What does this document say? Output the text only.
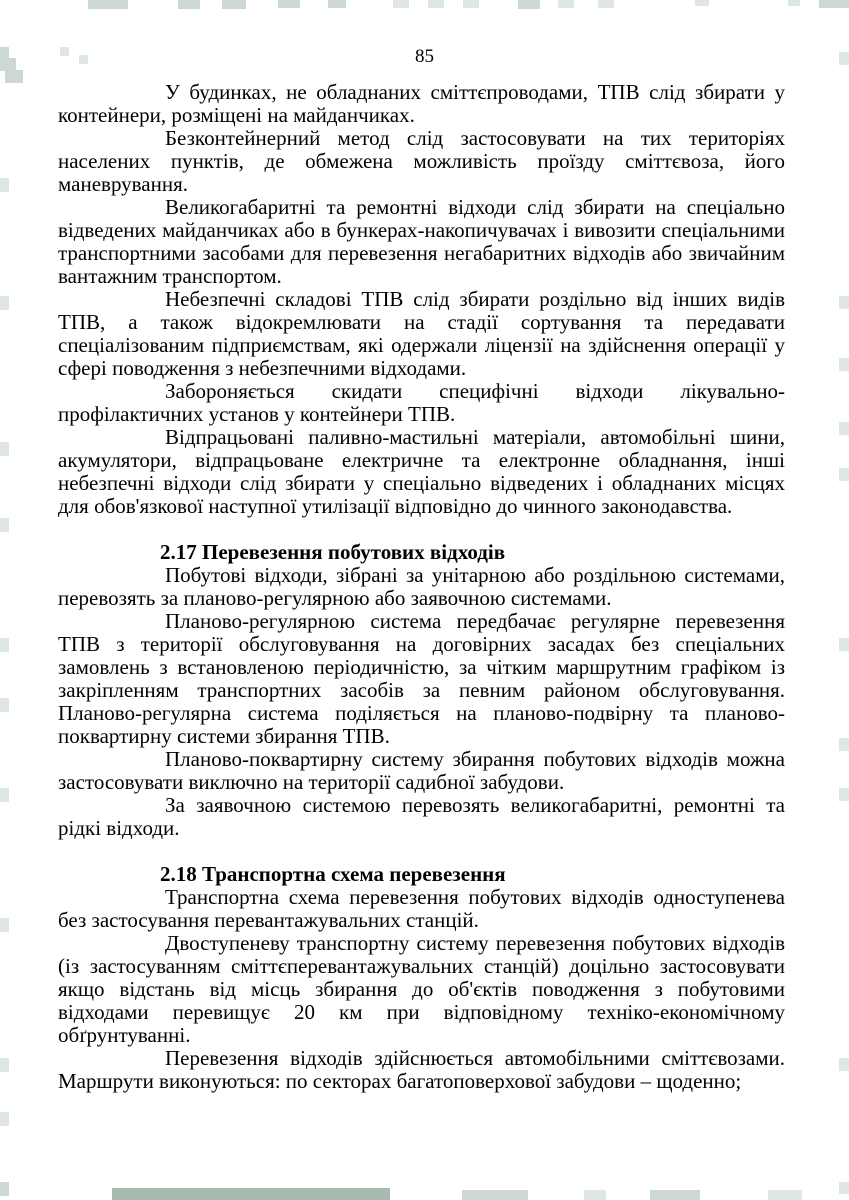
85

У будинках, не обладнаних сміттєпроводами, ТПВ слід збирати у контейнери, розміщені на майданчиках.

Безконтейнерний метод слід застосовувати на тих територіях населених пунктів, де обмежена можливість проїзду сміттєвоза, його маневрування.

Великогабаритні та ремонтні відходи слід збирати на спеціально відведених майданчиках або в бункерах-накопичувачах і вивозити спеціальними транспортними засобами для перевезення негабаритних відходів або звичайним вантажним транспортом.

Небезпечні складові ТПВ слід збирати роздільно від інших видів ТПВ, а також відокремлювати на стадії сортування та передавати спеціалізованим підприємствам, які одержали ліцензії на здійснення операції у сфері поводження з небезпечними відходами.

Забороняється скидати специфічні відходи лікувально-профілактичних установ у контейнери ТПВ.

Відпрацьовані паливно-мастильні матеріали, автомобільні шини, акумулятори, відпрацьоване електричне та електронне обладнання, інші небезпечні відходи слід збирати у спеціально відведених і обладнаних місцях для обов'язкової наступної утилізації відповідно до чинного законодавства.

2.17 Перевезення побутових відходів

Побутові відходи, зібрані за унітарною або роздільною системами, перевозять за планово-регулярною або заявочною системами.

Планово-регулярною система передбачає регулярне перевезення ТПВ з території обслуговування на договірних засадах без спеціальних замовлень з встановленою періодичністю, за чітким маршрутним графіком із закріпленням транспортних засобів за певним районом обслуговування. Планово-регулярна система поділяється на планово-подвірну та планово-поквартирну системи збирання ТПВ.

Планово-поквартирну систему збирання побутових відходів можна застосовувати виключно на території садибної забудови.

За заявочною системою перевозять великогабаритні, ремонтні та рідкі відходи.

2.18 Транспортна схема перевезення

Транспортна схема перевезення побутових відходів одноступенева без застосування перевантажувальних станцій.

Двоступеневу транспортну систему перевезення побутових відходів (із застосуванням сміттєперевантажувальних станцій) доцільно застосовувати якщо відстань від місць збирання до об'єктів поводження з побутовими відходами перевищує 20 км при відповідному техніко-економічному обґрунтуванні.

Перевезення відходів здійснюється автомобільними сміттєвозами. Маршрути виконуються: по секторах багатоповерхової забудови – щоденно;
